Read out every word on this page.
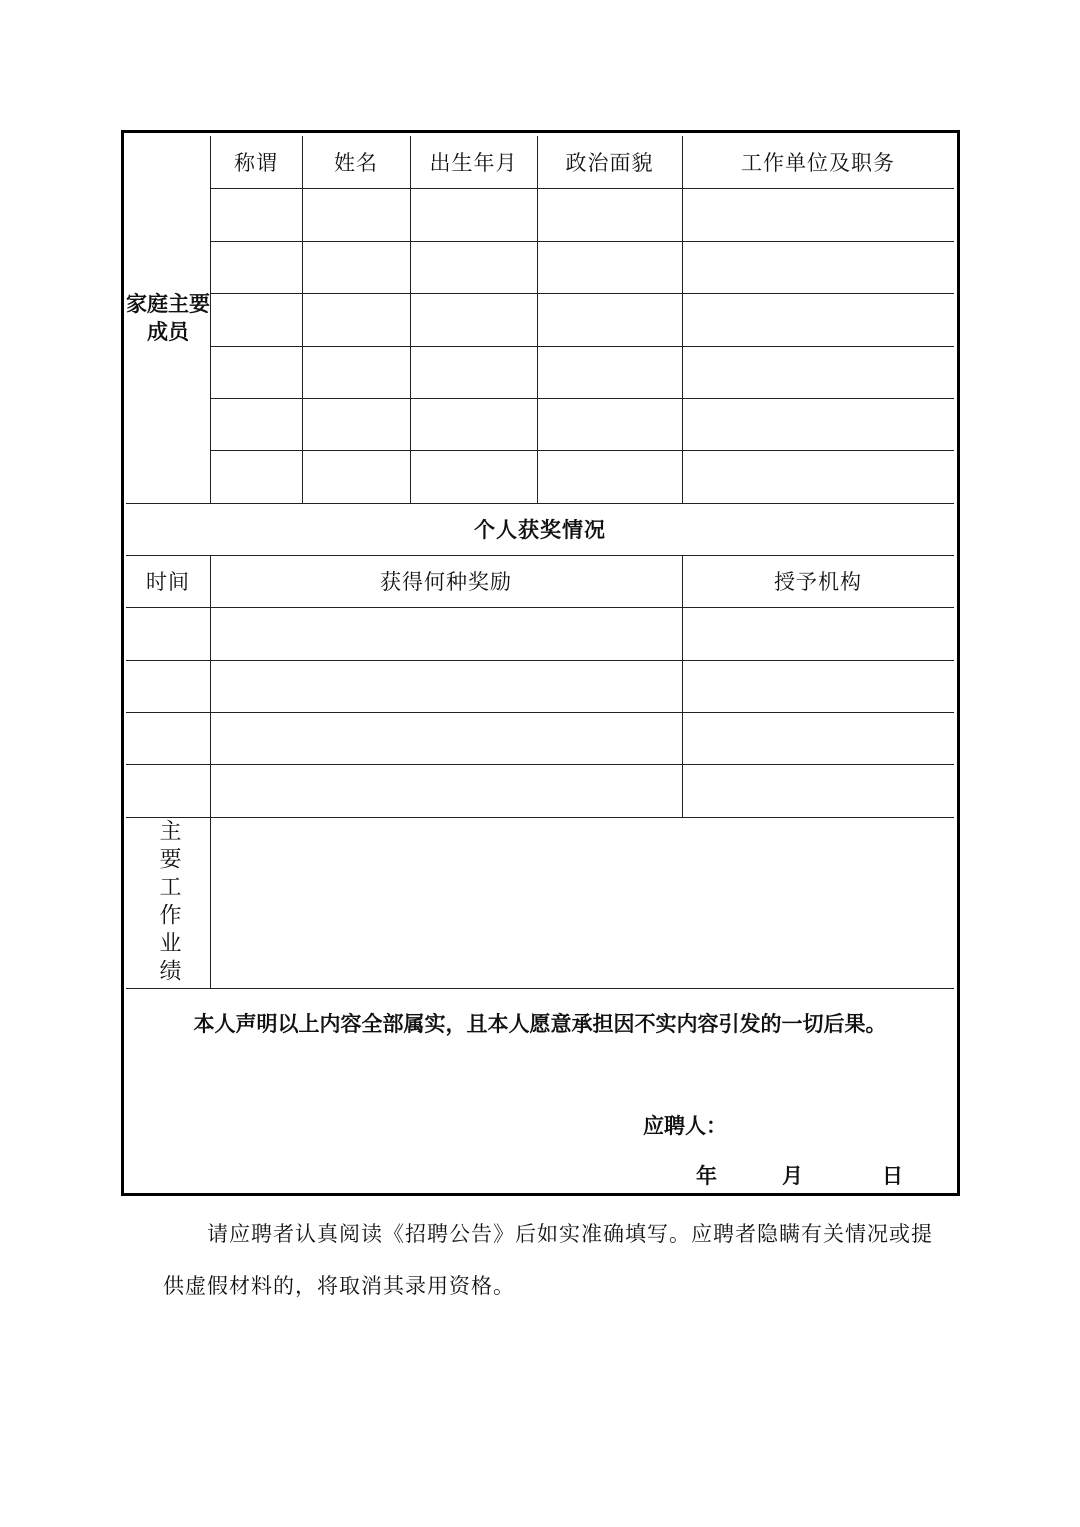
称谓	姓名	出生年月	政治面貌	工作单位及职务
家庭主要成员
个人获奖情况
时间	获得何种奖励	授予机构
主要工作业绩
本人声明以上内容全部属实，且本人愿意承担因不实内容引发的一切后果。
应聘人：
年	月	日
请应聘者认真阅读《招聘公告》后如实准确填写。应聘者隐瞒有关情况或提
供虚假材料的，将取消其录用资格。
